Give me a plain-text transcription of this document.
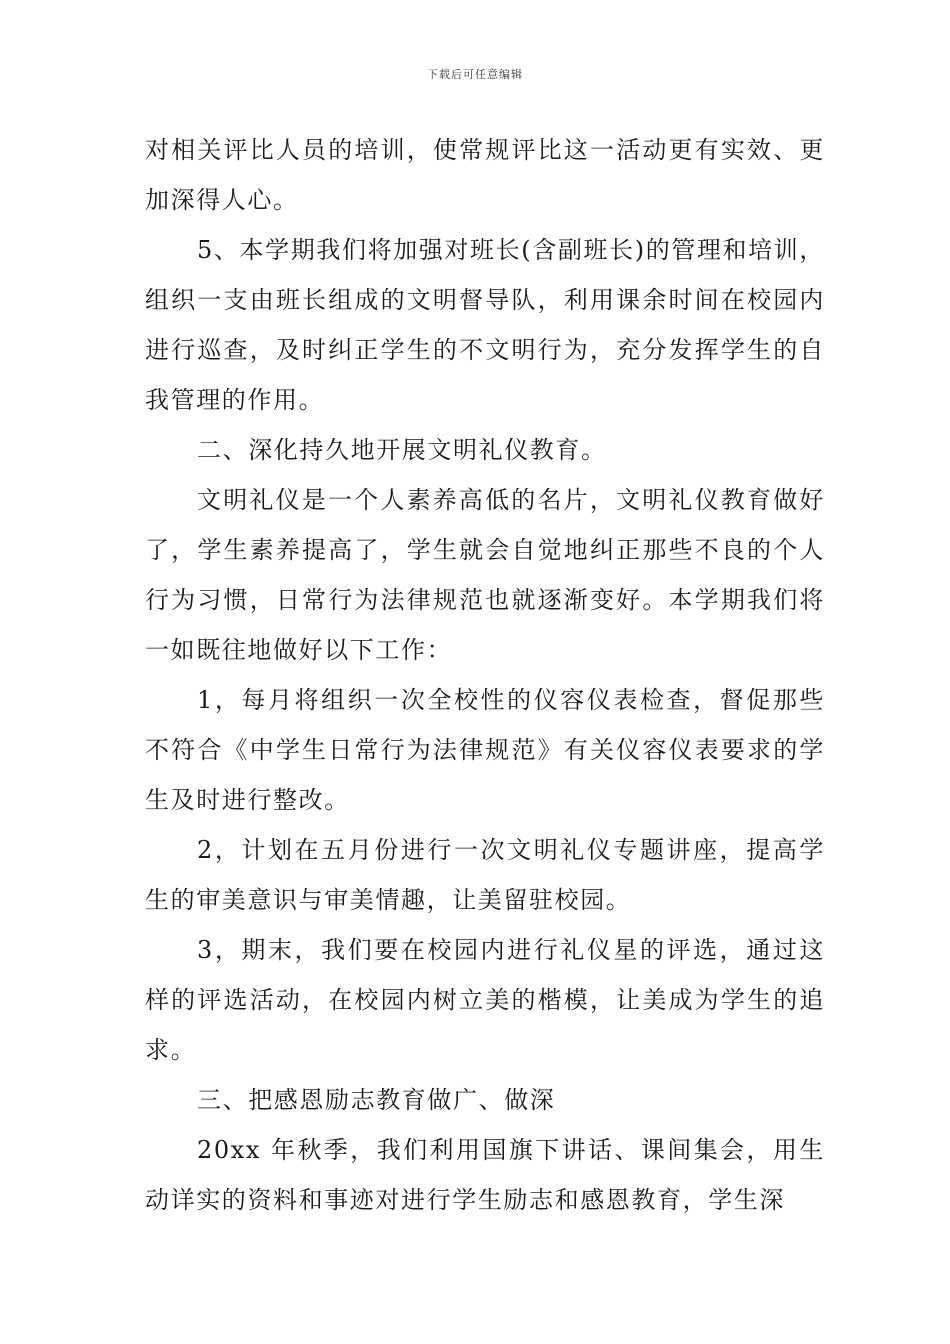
下载后可任意编辑

对相关评比人员的培训，使常规评比这一活动更有实效、更加深得人心。

5、本学期我们将加强对班长(含副班长)的管理和培训，组织一支由班长组成的文明督导队，利用课余时间在校园内进行巡查，及时纠正学生的不文明行为，充分发挥学生的自我管理的作用。

二、深化持久地开展文明礼仪教育。

文明礼仪是一个人素养高低的名片，文明礼仪教育做好了，学生素养提高了，学生就会自觉地纠正那些不良的个人行为习惯，日常行为法律规范也就逐渐变好。本学期我们将一如既往地做好以下工作：

1，每月将组织一次全校性的仪容仪表检查，督促那些不符合《中学生日常行为法律规范》有关仪容仪表要求的学生及时进行整改。

2，计划在五月份进行一次文明礼仪专题讲座，提高学生的审美意识与审美情趣，让美留驻校园。

3，期末，我们要在校园内进行礼仪星的评选，通过这样的评选活动，在校园内树立美的楷模，让美成为学生的追求。

三、把感恩励志教育做广、做深

20xx 年秋季，我们利用国旗下讲话、课间集会，用生动详实的资料和事迹对进行学生励志和感恩教育，学生深
